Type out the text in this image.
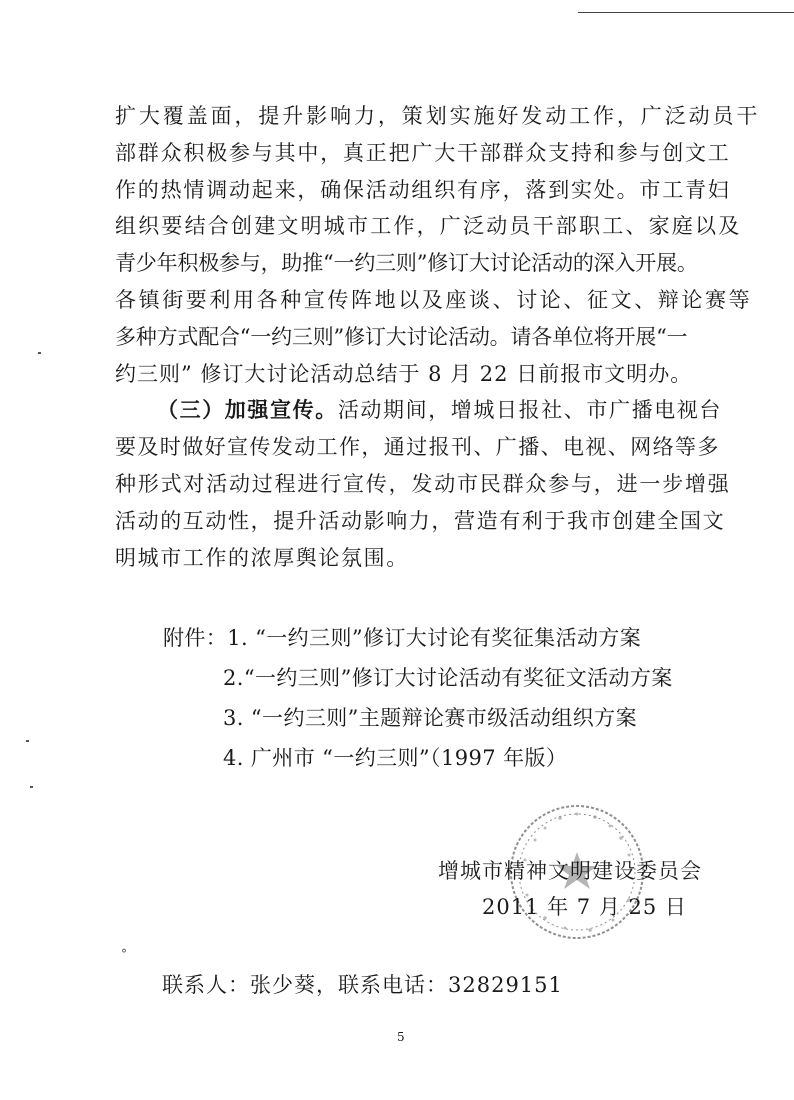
扩大覆盖面，提升影响力，策划实施好发动工作，广泛动员干
部群众积极参与其中，真正把广大干部群众支持和参与创文工
作的热情调动起来，确保活动组织有序，落到实处。市工青妇
组织要结合创建文明城市工作，广泛动员干部职工、家庭以及
青少年积极参与，助推“一约三则”修订大讨论活动的深入开展。
各镇街要利用各种宣传阵地以及座谈、讨论、征文、辩论赛等
多种方式配合“一约三则”修订大讨论活动。请各单位将开展“一
约三则” 修订大讨论活动总结于 8 月 22 日前报市文明办。
（三）加强宣传。活动期间，增城日报社、市广播电视台
要及时做好宣传发动工作，通过报刊、广播、电视、网络等多
种形式对活动过程进行宣传，发动市民群众参与，进一步增强
活动的互动性，提升活动影响力，营造有利于我市创建全国文
明城市工作的浓厚舆论氛围。
附件：1. “一约三则”修订大讨论有奖征集活动方案
2.“一约三则”修订大讨论活动有奖征文活动方案
3. “一约三则”主题辩论赛市级活动组织方案
4. 广州市 “一约三则”（1997 年版）
增城市精神文明建设委员会
2011 年 7 月 25 日
°
联系人：张少葵，联系电话：32829151
5
